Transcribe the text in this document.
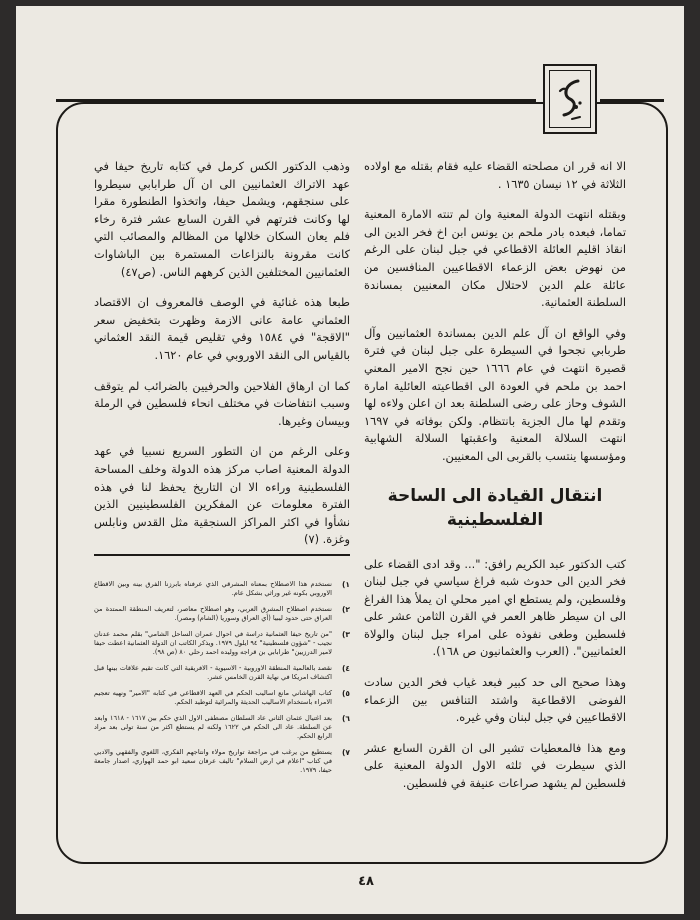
الا انه قرر ان مصلحته القضاء عليه فقام بقتله مع اولاده الثلاثة في ١٢ نيسان ١٦٣٥ .

وبقتله انتهت الدولة المعنية وان لم تنته الامارة المعنية تماما، فبعده بادر ملحم بن يونس ابن اخ فخر الدين الى انقاذ اقليم العائلة الاقطاعي في جبل لبنان على الرغم من نهوض بعض الزعماء الاقطاعيين المنافسين من عائلة علم الدين لاحتلال مكان المعنيين بمساندة السلطنة العثمانية.

وفي الواقع ان آل علم الدين بمساندة العثمانيين وآل طربابي نجحوا في السيطرة على جبل لبنان في فترة قصيرة انتهت في عام ١٦٦٦ حين نجح الامير المعني احمد بن ملحم في العودة الى اقطاعيته العائلية امارة الشوف وحاز على رضى السلطنة بعد ان اعلن ولاءه لها وتقدم لها مال الجزية بانتظام. ولكن بوفاته في ١٦٩٧ انتهت السلالة المعنية واعقبتها السلالة الشهابية ومؤسسها ينتسب بالقربى الى المعنيين.

انتقال القيادة الى الساحة الفلسطينية

كتب الدكتور عبد الكريم رافق: "... وقد ادى القضاء على فخر الدين الى حدوث شبه فراغ سياسي في جبل لبنان وفلسطين، ولم يستطع اي امير محلي ان يملأ هذا الفراغ الى ان سيطر ظاهر العمر في القرن الثامن عشر على فلسطين وطغى نفوذه على امراء جبل لبنان والولاة العثمانيين". (العرب والعثمانيون ص ١٦٨).

وهذا صحيح الى حد كبير فبعد غياب فخر الدين سادت الفوضى الاقطاعية واشتد التنافس بين الزعماء الاقطاعيين في جبل لبنان وفي غيره.

ومع هذا فالمعطيات تشير الى ان القرن السابع عشر الذي سيطرت في ثلثه الاول الدولة المعنية على فلسطين لم يشهد صراعات عنيفة في فلسطين.

وذهب الدكتور الكس كرمل في كتابه تاريخ حيفا في عهد الاتراك العثمانيين الى ان آل طرابابي سيطروا على سنجقهم، ويشمل حيفا، واتخذوا الطنطورة مقرا لها وكانت فترتهم في القرن السابع عشر فترة رخاء فلم يعان السكان خلالها من المظالم والمصائب التي كانت مقرونة بالنزاعات المستمرة بين الباشاوات العثمانيين المختلفين الذين كرههم الناس. (ص٤٧)

طبعا هذه غنائية في الوصف فالمعروف ان الاقتصاد العثماني عامة عانى الازمة وظهرت بتخفيض سعر "الاقجة" في ١٥٨٤ وفي تقليص قيمة النقد العثماني بالقياس الى النقد الاوروبي في عام ١٦٢٠.

كما ان ارهاق الفلاحين والحرفيين بالضرائب لم يتوقف وسبب انتفاضات في مختلف انحاء فلسطين في الرملة وبيسان وغيرها.

وعلى الرغم من ان التطور السريع نسبيا في عهد الدولة المعنية اصاب مركز هذه الدولة وخلف المساحة الفلسطينية وراءه الا ان التاريخ يحفظ لنا في هذه الفترة معلومات عن المفكرين الفلسطينيين الذين نشأوا في اكثر المراكز السنجقية مثل القدس ونابلس وغزة. (٧)

١)
نستخدم هذا الاصطلاح بمعناه المشرقي الذي عرفناه بابرزنا الفرق بينه وبين الاقطاع الاوروبي بكونه غير وراثي بشكل عام.
٢)
نستخدم اصطلاح المشرق العربي، وهو اصطلاح معاصر، لتعريف المنطقة الممتدة من العراق حتى حدود ليبيا (أي العراق وسوريا (الشام) ومصر).
٣)
"من تاريخ حيفا العثمانية دراسة في احوال عمران الساحل الشامي" بقلم محمد عدنان نجيب - "شؤون فلسطينية" ٩٤ ايلول ١٩٧٩. ويذكر الكاتب ان الدولة العثمانية اعطت حيفا لامير الدرزيين" طرابابي بن قراجه ووليده احمد رحلي ٨٠ (ص ٩٨).
٤)
نقصد بالعالمية المنطقة الاوروبية - الاسيوية - الافريقية التي كانت تقيم علاقات بينها قبل اكتشاف امريكا في نهاية القرن الخامس عشر.
٥)
كتاب الهاشاني مانع اساليب الحكم في العهد الاقطاعي في كتابه "الامير" ونهيه تعجيم الامراء باستخدام الاساليب الحديثة والمرائية لتوطيد الحكم.
٦)
بعد اغتيال عثمان الثاني عاد السلطان مصطفى الاول الذي حكم بين ١٦١٧ - ١٦١٨ وابعد عن السلطة. عاد الى الحكم في ١٦٢٢ ولكنه لم يستطع اكثر من سنة تولى بعد مراد الرابع الحكم.
٧)
يستطيع من يرغب في مراجعة تواريخ مولاء وانتاجهم الفكري، اللغوي والفقهي والادبي في كتاب "اعلام في ارض السلام" تاليف عرفان سعيد ابو حمد الهواري، اصدار جامعة حيفا، ١٩٧٩.
٤٨
